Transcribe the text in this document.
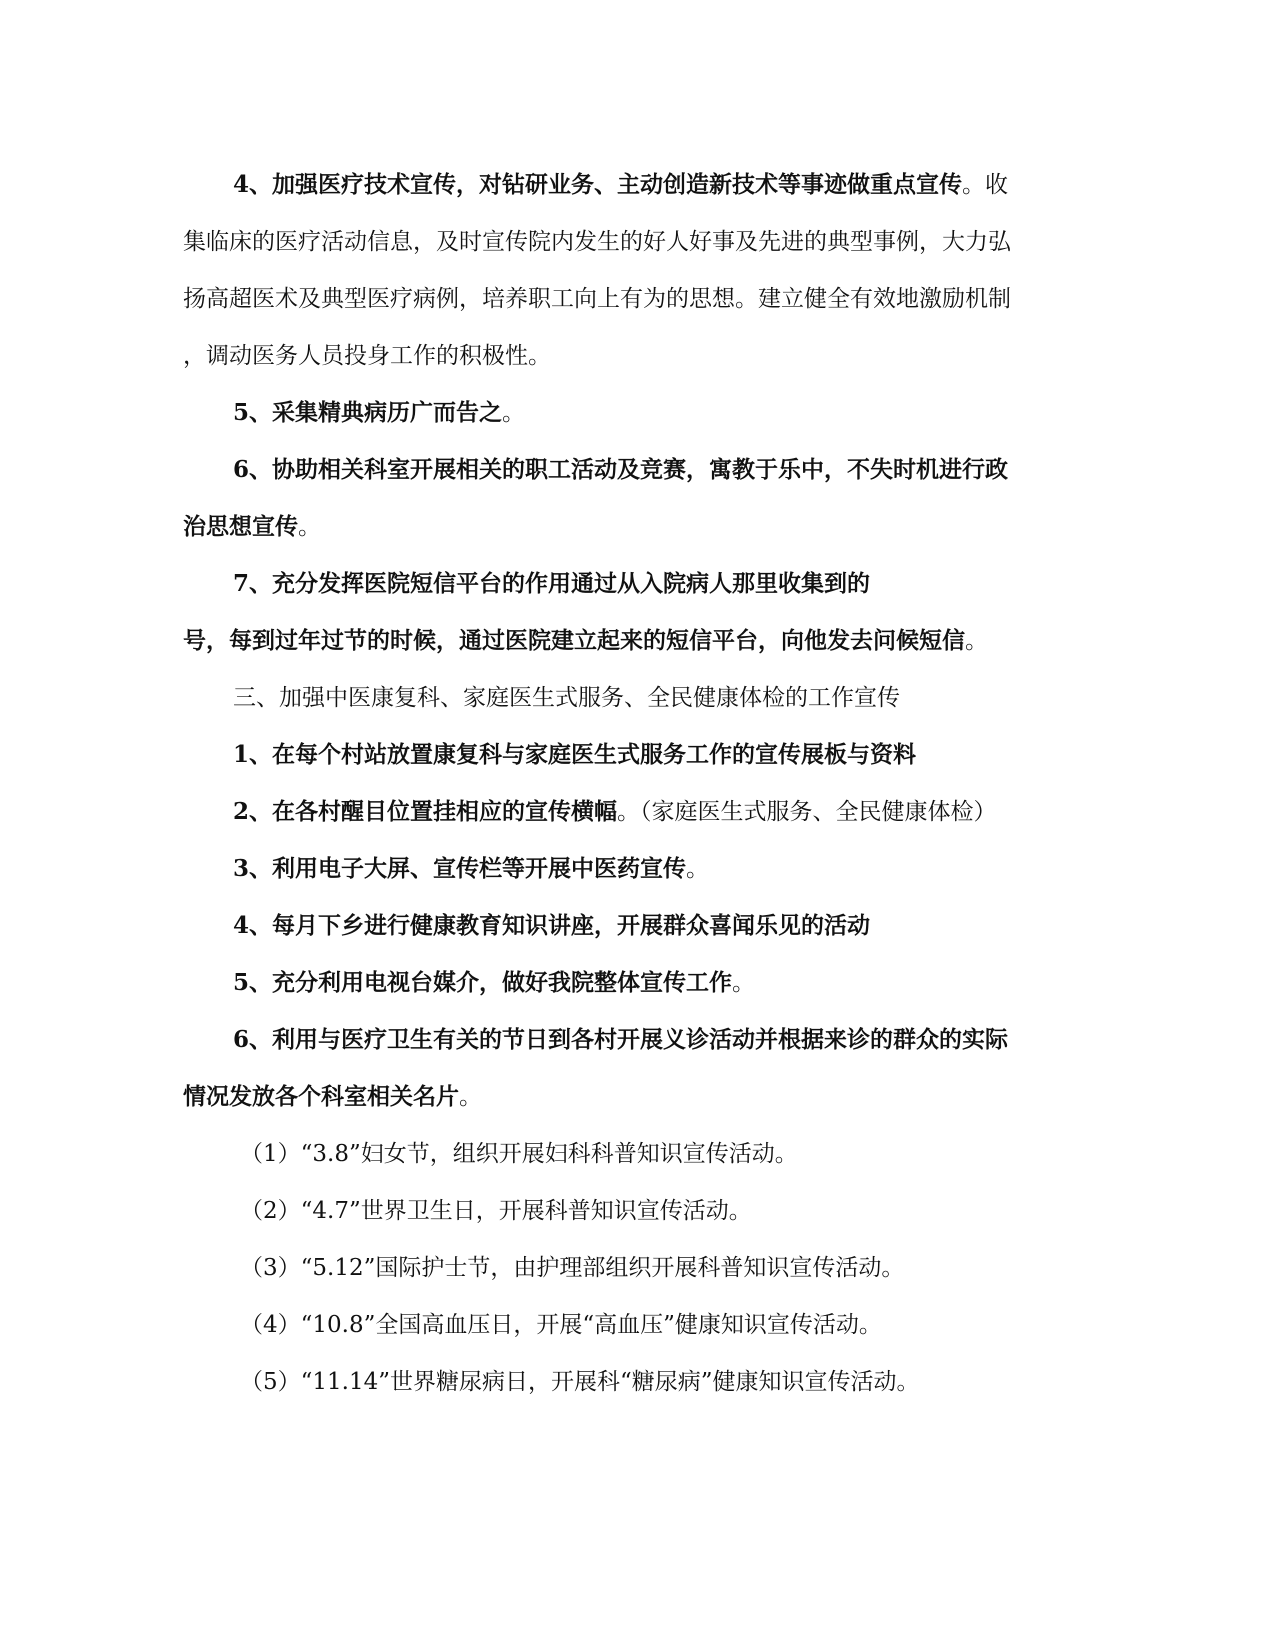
4、加强医疗技术宣传，对钻研业务、主动创造新技术等事迹做重点宣传。收
集临床的医疗活动信息，及时宣传院内发生的好人好事及先进的典型事例，大力弘
扬高超医术及典型医疗病例，培养职工向上有为的思想。建立健全有效地激励机制
，调动医务人员投身工作的积极性。
5、采集精典病历广而告之。
6、协助相关科室开展相关的职工活动及竞赛，寓教于乐中，不失时机进行政
治思想宣传。
7、充分发挥医院短信平台的作用通过从入院病人那里收集到的
号，每到过年过节的时候，通过医院建立起来的短信平台，向他发去问候短信。
三、加强中医康复科、家庭医生式服务、全民健康体检的工作宣传
1、在每个村站放置康复科与家庭医生式服务工作的宣传展板与资料
2、在各村醒目位置挂相应的宣传横幅。（家庭医生式服务、全民健康体检）
3、利用电子大屏、宣传栏等开展中医药宣传。
4、每月下乡进行健康教育知识讲座，开展群众喜闻乐见的活动
5、充分利用电视台媒介，做好我院整体宣传工作。
6、利用与医疗卫生有关的节日到各村开展义诊活动并根据来诊的群众的实际
情况发放各个科室相关名片。
（1）“3.8”妇女节，组织开展妇科科普知识宣传活动。
（2）“4.7”世界卫生日，开展科普知识宣传活动。
（3）“5.12”国际护士节，由护理部组织开展科普知识宣传活动。
（4）“10.8”全国高血压日，开展“高血压”健康知识宣传活动。
（5）“11.14”世界糖尿病日，开展科“糖尿病”健康知识宣传活动。
